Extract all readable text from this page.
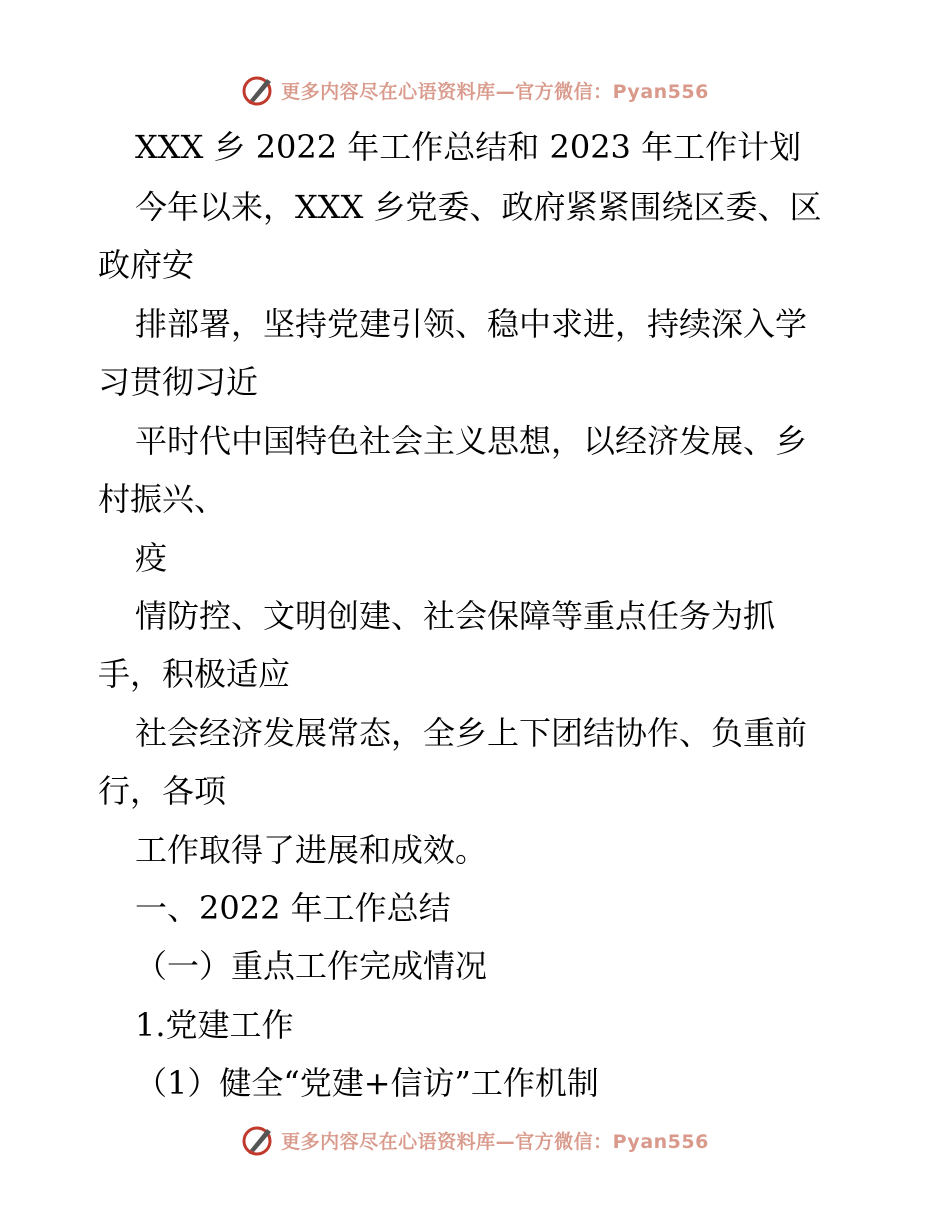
更多内容尽在心语资料库—官方微信：Pyan556
XXX 乡 2022 年工作总结和 2023 年工作计划
今年以来，XXX 乡党委、政府紧紧围绕区委、区
政府安
排部署，坚持党建引领、稳中求进，持续深入学
习贯彻习近
平时代中国特色社会主义思想，以经济发展、乡
村振兴、
疫
情防控、文明创建、社会保障等重点任务为抓
手，积极适应
社会经济发展常态，全乡上下团结协作、负重前
行，各项
工作取得了进展和成效。
一、2022 年工作总结
（一）重点工作完成情况
1.党建工作
（1）健全“党建+信访”工作机制
更多内容尽在心语资料库—官方微信：Pyan556
